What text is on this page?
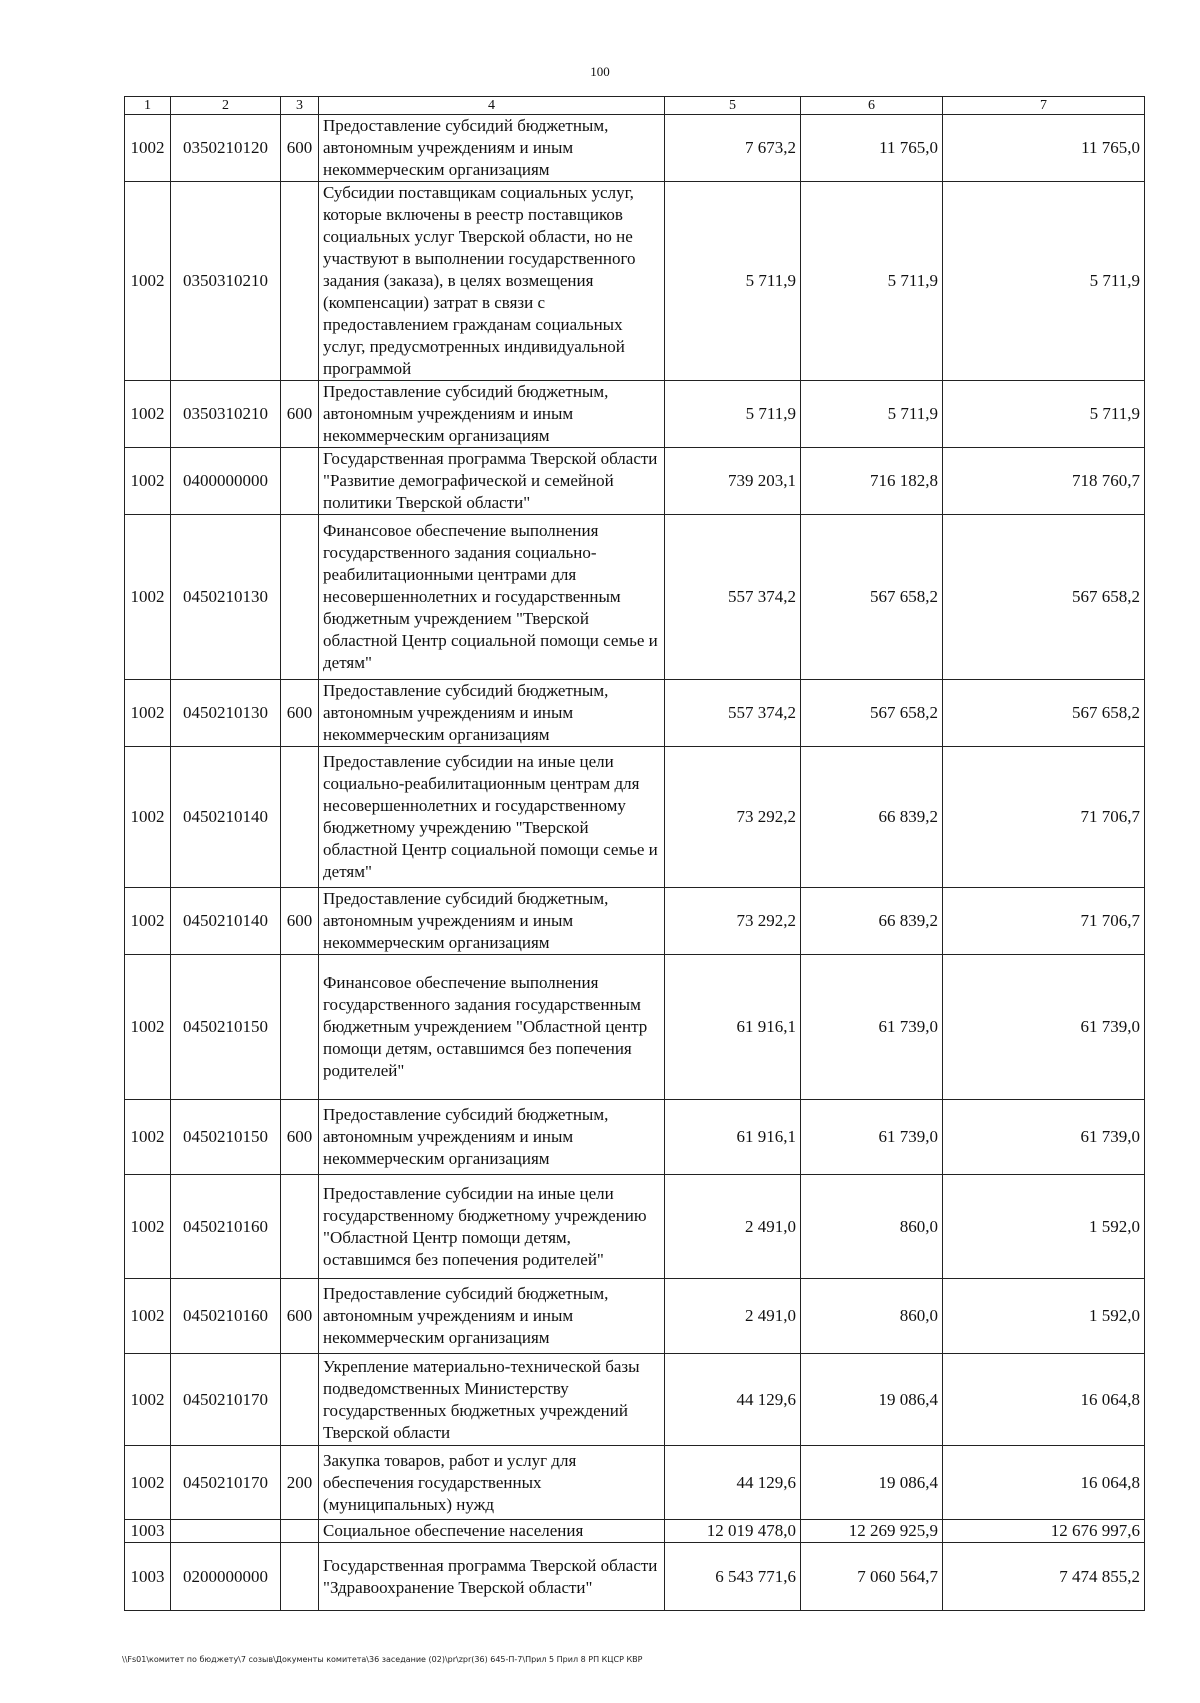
100
1	2	3	4	5	6	7
1002	0350210120	600	Предоставление субсидий бюджетным, автономным учреждениям и иным некоммерческим организациям	7 673,2	11 765,0	11 765,0
1002	0350310210		Субсидии поставщикам социальных услуг, которые включены в реестр поставщиков социальных услуг Тверской области, но не участвуют в выполнении государственного задания (заказа), в целях возмещения (компенсации) затрат в связи с предоставлением гражданам социальных услуг, предусмотренных индивидуальной программой	5 711,9	5 711,9	5 711,9
1002	0350310210	600	Предоставление субсидий бюджетным, автономным учреждениям и иным некоммерческим организациям	5 711,9	5 711,9	5 711,9
1002	0400000000		Государственная программа Тверской области "Развитие демографической и семейной политики Тверской области"	739 203,1	716 182,8	718 760,7
1002	0450210130		Финансовое обеспечение выполнения государственного задания социально-реабилитационными центрами для несовершеннолетних и государственным бюджетным учреждением "Тверской областной Центр социальной помощи семье и детям"	557 374,2	567 658,2	567 658,2
1002	0450210130	600	Предоставление субсидий бюджетным, автономным учреждениям и иным некоммерческим организациям	557 374,2	567 658,2	567 658,2
1002	0450210140		Предоставление субсидии на иные цели социально-реабилитационным центрам для несовершеннолетних и государственному бюджетному учреждению "Тверской областной Центр социальной помощи семье и детям"	73 292,2	66 839,2	71 706,7
1002	0450210140	600	Предоставление субсидий бюджетным, автономным учреждениям и иным некоммерческим организациям	73 292,2	66 839,2	71 706,7
1002	0450210150		Финансовое обеспечение выполнения государственного задания государственным бюджетным учреждением "Областной центр помощи детям, оставшимся без попечения родителей"	61 916,1	61 739,0	61 739,0
1002	0450210150	600	Предоставление субсидий бюджетным, автономным учреждениям и иным некоммерческим организациям	61 916,1	61 739,0	61 739,0
1002	0450210160		Предоставление субсидии на иные цели государственному бюджетному учреждению "Областной Центр помощи детям, оставшимся без попечения родителей"	2 491,0	860,0	1 592,0
1002	0450210160	600	Предоставление субсидий бюджетным, автономным учреждениям и иным некоммерческим организациям	2 491,0	860,0	1 592,0
1002	0450210170		Укрепление материально-технической базы подведомственных Министерству государственных бюджетных учреждений Тверской области	44 129,6	19 086,4	16 064,8
1002	0450210170	200	Закупка товаров, работ и услуг для обеспечения государственных (муниципальных) нужд	44 129,6	19 086,4	16 064,8
1003			Социальное обеспечение населения	12 019 478,0	12 269 925,9	12 676 997,6
1003	0200000000		Государственная программа Тверской области "Здравоохранение Тверской области"	6 543 771,6	7 060 564,7	7 474 855,2
\\Fs01\комитет по бюджету\7 созыв\Документы комитета\36 заседание (02)\pr\zpr(36) 645-П-7\Прил 5 Прил 8 РП КЦСР КВР
